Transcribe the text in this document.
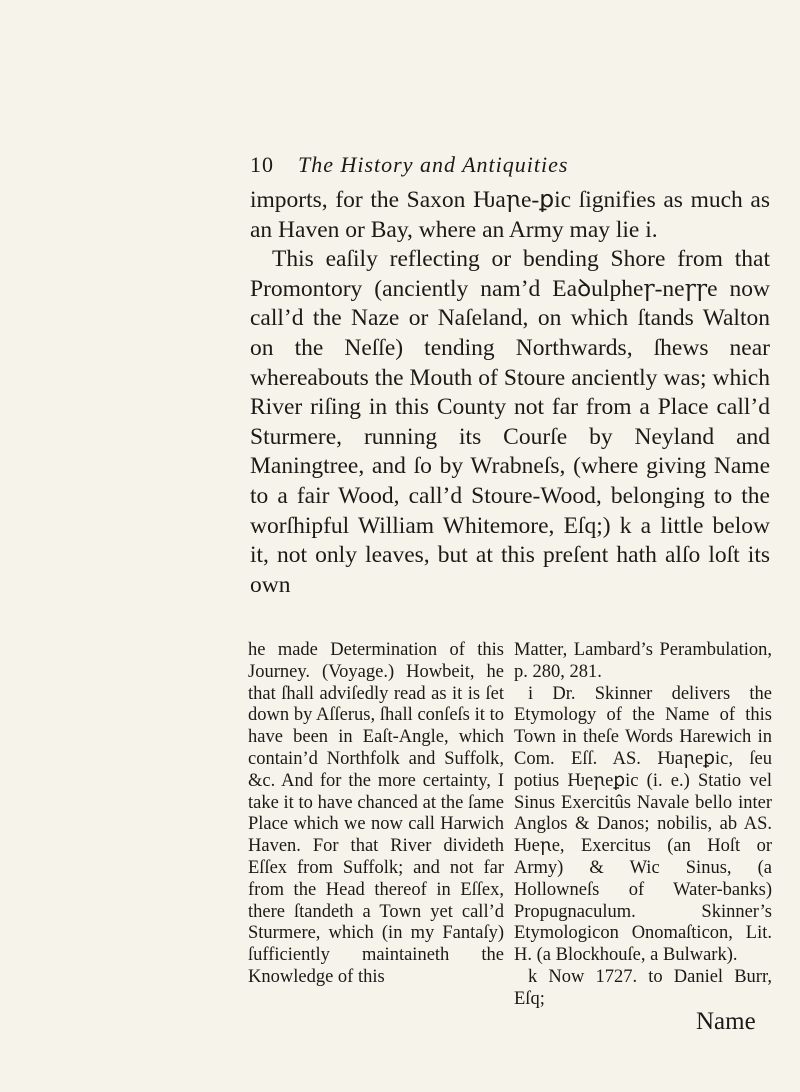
10 The History and Antiquities

imports, for the Saxon Ƕaꞃe-ꝑic ſignifies as much as an Haven or Bay, where an Army may lie i.

This eaſily reflecting or bending Shore from that Promontory (anciently nam’d Eaꝺulpheꞅ-neꞅꞅe now call’d the Naze or Naſeland, on which ſtands Walton on the Neſſe) tending Northwards, ſhews near whereabouts the Mouth of Stoure anciently was; which River riſing in this County not far from a Place call’d Sturmere, running its Courſe by Neyland and Maningtree, and ſo by Wrabneſs, (where giving Name to a fair Wood, call’d Stoure-Wood, belonging to the worſhipful William Whitemore, Eſq;) k a little below it, not only leaves, but at this preſent hath alſo loſt its own

he made Determination of this Journey. (Voyage.) Howbeit, he that ſhall adviſedly read as it is ſet down by Aſſerus, ſhall conſeſs it to have been in Eaſt-Angle, which contain’d Northfolk and Suffolk, &c. And for the more certainty, I take it to have chanced at the ſame Place which we now call Harwich Haven. For that River divideth Eſſex from Suffolk; and not far from the Head thereof in Eſſex, there ſtandeth a Town yet call’d Sturmere, which (in my Fantaſy) ſufficiently maintaineth the Knowledge of this

Matter, Lambard’s Perambulation, p. 280, 281.

i Dr. Skinner delivers the Etymology of the Name of this Town in theſe Words Harewich in Com. Eſſ. AS. Ƕaꞃeꝑic, ſeu potius Ƕeꞃeꝑic (i. e.) Statio vel Sinus Exercitûs Navale bello inter Anglos & Danos; nobilis, ab AS. Ƕeꞃe, Exercitus (an Hoſt or Army) & Wic Sinus, (a Hollowneſs of Water-banks) Propugnaculum. Skinner’s Etymologicon Onomaſticon, Lit. H. (a Blockhouſe, a Bulwark).

k Now 1727. to Daniel Burr, Eſq;

Name
